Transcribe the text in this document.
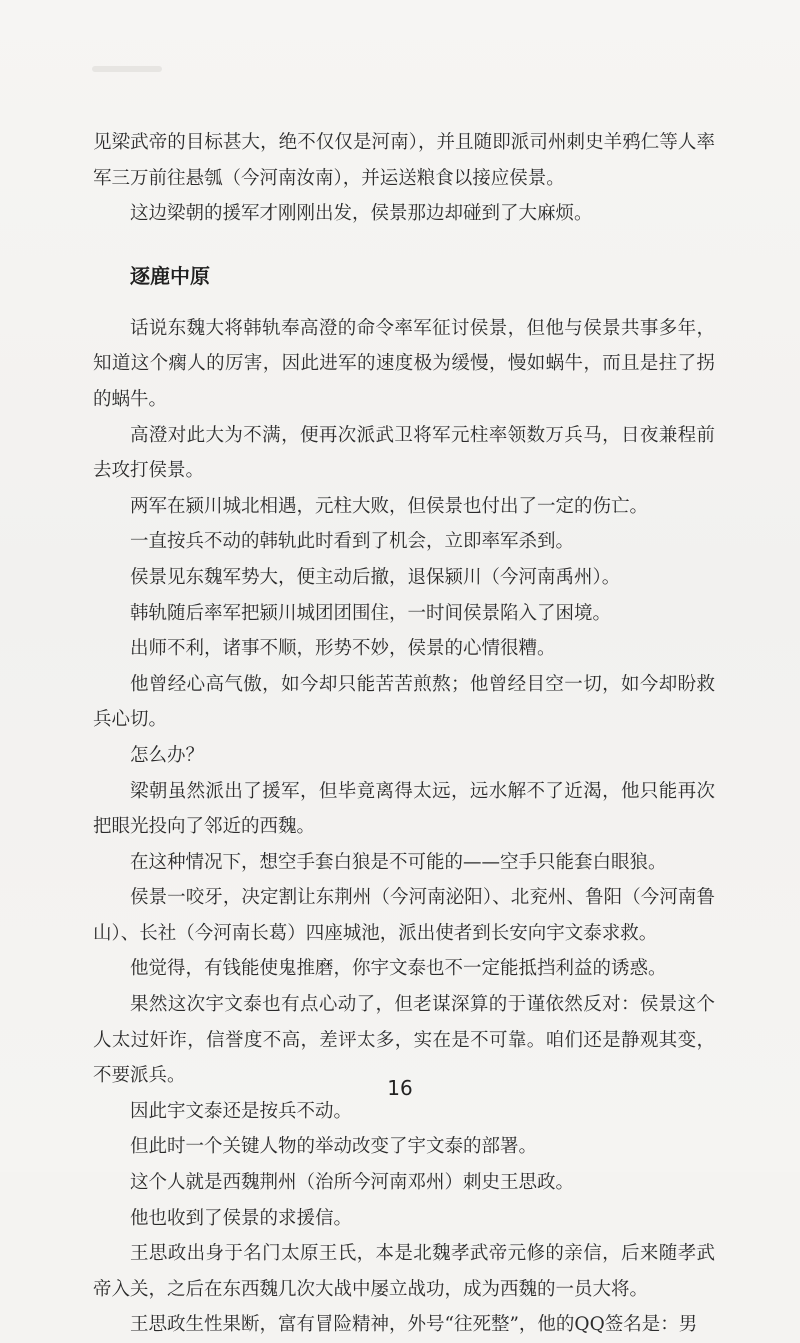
见梁武帝的目标甚大，绝不仅仅是河南），并且随即派司州刺史羊鸦仁等人率军三万前往悬瓠（今河南汝南），并运送粮食以接应侯景。

这边梁朝的援军才刚刚出发，侯景那边却碰到了大麻烦。

逐鹿中原

话说东魏大将韩轨奉高澄的命令率军征讨侯景，但他与侯景共事多年，知道这个瘸人的厉害，因此进军的速度极为缓慢，慢如蜗牛，而且是拄了拐的蜗牛。

高澄对此大为不满，便再次派武卫将军元柱率领数万兵马，日夜兼程前去攻打侯景。

两军在颍川城北相遇，元柱大败，但侯景也付出了一定的伤亡。

一直按兵不动的韩轨此时看到了机会，立即率军杀到。

侯景见东魏军势大，便主动后撤，退保颍川（今河南禹州）。

韩轨随后率军把颍川城团团围住，一时间侯景陷入了困境。

出师不利，诸事不顺，形势不妙，侯景的心情很糟。

他曾经心高气傲，如今却只能苦苦煎熬；他曾经目空一切，如今却盼救兵心切。

怎么办？

梁朝虽然派出了援军，但毕竟离得太远，远水解不了近渴，他只能再次把眼光投向了邻近的西魏。

在这种情况下，想空手套白狼是不可能的——空手只能套白眼狼。

侯景一咬牙，决定割让东荆州（今河南泌阳）、北兖州、鲁阳（今河南鲁山）、长社（今河南长葛）四座城池，派出使者到长安向宇文泰求救。

他觉得，有钱能使鬼推磨，你宇文泰也不一定能抵挡利益的诱惑。

果然这次宇文泰也有点心动了，但老谋深算的于谨依然反对：侯景这个人太过奸诈，信誉度不高，差评太多，实在是不可靠。咱们还是静观其变，不要派兵。

因此宇文泰还是按兵不动。

但此时一个关键人物的举动改变了宇文泰的部署。

这个人就是西魏荆州（治所今河南邓州）刺史王思政。

他也收到了侯景的求援信。

王思政出身于名门太原王氏，本是北魏孝武帝元修的亲信，后来随孝武帝入关，之后在东西魏几次大战中屡立战功，成为西魏的一员大将。

王思政生性果断，富有冒险精神，外号“往死整”，他的QQ签名是：男

16
